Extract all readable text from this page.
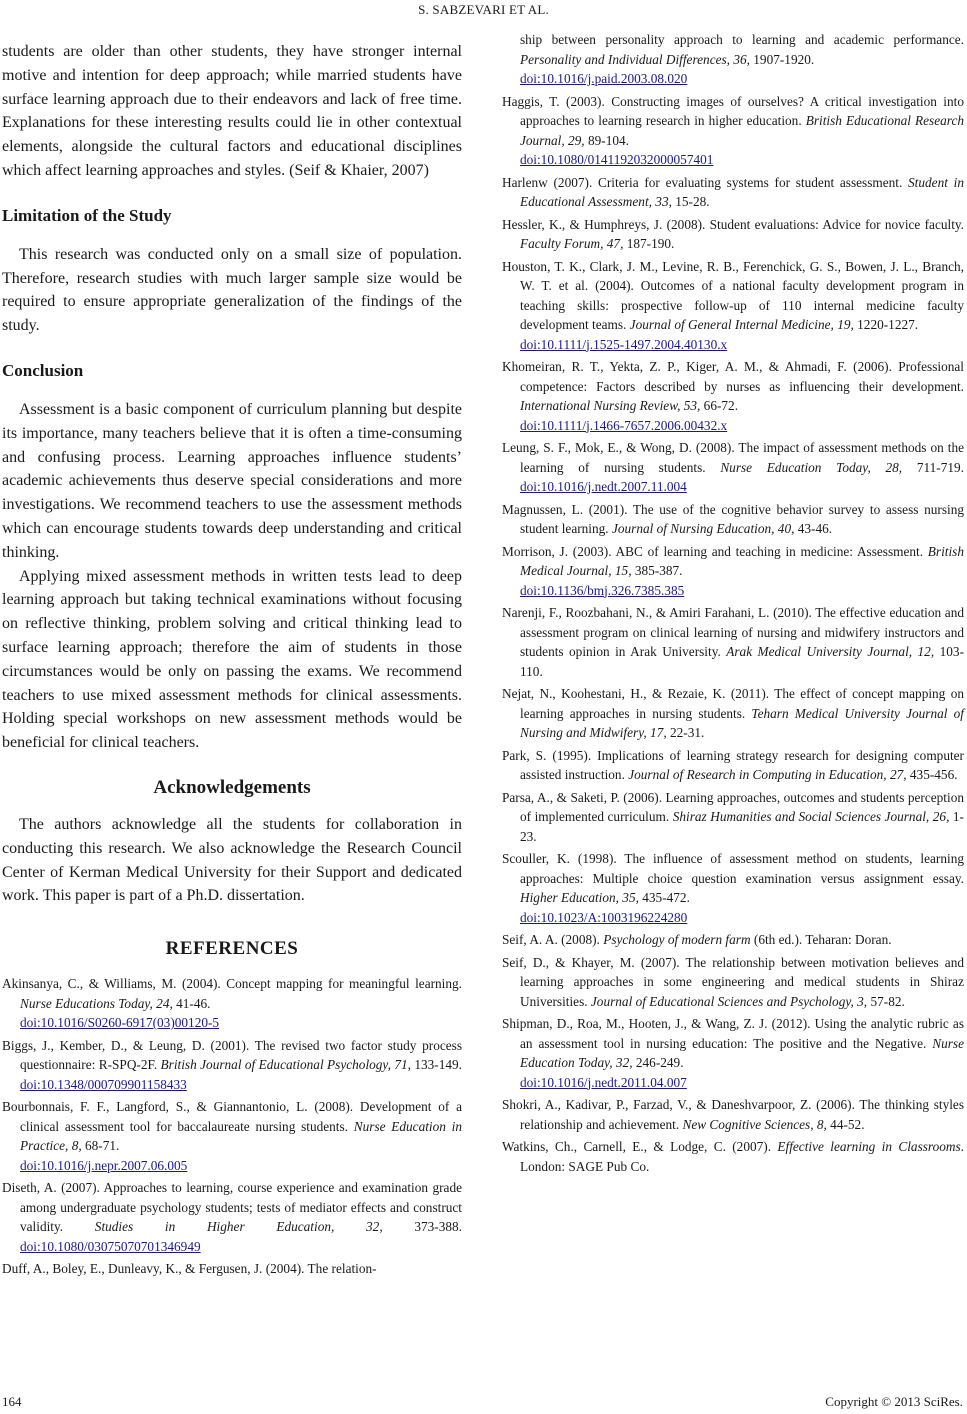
S. SABZEVARI ET AL.

students are older than other students, they have stronger internal motive and intention for deep approach; while married students have surface learning approach due to their endeavors and lack of free time. Explanations for these interesting results could lie in other contextual elements, alongside the cultural factors and educational disciplines which affect learning approaches and styles. (Seif & Khaier, 2007)

Limitation of the Study

This research was conducted only on a small size of population. Therefore, research studies with much larger sample size would be required to ensure appropriate generalization of the findings of the study.

Conclusion

Assessment is a basic component of curriculum planning but despite its importance, many teachers believe that it is often a time-consuming and confusing process. Learning approaches influence students’ academic achievements thus deserve special considerations and more investigations. We recommend teachers to use the assessment methods which can encourage students towards deep understanding and critical thinking.

Applying mixed assessment methods in written tests lead to deep learning approach but taking technical examinations without focusing on reflective thinking, problem solving and critical thinking lead to surface learning approach; therefore the aim of students in those circumstances would be only on passing the exams. We recommend teachers to use mixed assessment methods for clinical assessments. Holding special workshops on new assessment methods would be beneficial for clinical teachers.

Acknowledgements

The authors acknowledge all the students for collaboration in conducting this research. We also acknowledge the Research Council Center of Kerman Medical University for their Support and dedicated work. This paper is part of a Ph.D. dissertation.

REFERENCES
Akinsanya, C., & Williams, M. (2004). Concept mapping for meaningful learning. Nurse Educations Today, 24, 41-46.
doi:10.1016/S0260-6917(03)00120-5
Biggs, J., Kember, D., & Leung, D. (2001). The revised two factor study process questionnaire: R-SPQ-2F. British Journal of Educational Psychology, 71, 133-149. doi:10.1348/000709901158433
Bourbonnais, F. F., Langford, S., & Giannantonio, L. (2008). Development of a clinical assessment tool for baccalaureate nursing students. Nurse Education in Practice, 8, 68-71.
doi:10.1016/j.nepr.2007.06.005
Diseth, A. (2007). Approaches to learning, course experience and examination grade among undergraduate psychology students; tests of mediator effects and construct validity. Studies in Higher Education, 32, 373-388. doi:10.1080/03075070701346949
Duff, A., Boley, E., Dunleavy, K., & Fergusen, J. (2004). The relation-
ship between personality approach to learning and academic performance. Personality and Individual Differences, 36, 1907-1920.
doi:10.1016/j.paid.2003.08.020
Haggis, T. (2003). Constructing images of ourselves? A critical investigation into approaches to learning research in higher education. British Educational Research Journal, 29, 89-104.
doi:10.1080/0141192032000057401
Harlenw (2007). Criteria for evaluating systems for student assessment. Student in Educational Assessment, 33, 15-28.
Hessler, K., & Humphreys, J. (2008). Student evaluations: Advice for novice faculty. Faculty Forum, 47, 187-190.
Houston, T. K., Clark, J. M., Levine, R. B., Ferenchick, G. S., Bowen, J. L., Branch, W. T. et al. (2004). Outcomes of a national faculty development program in teaching skills: prospective follow-up of 110 internal medicine faculty development teams. Journal of General Internal Medicine, 19, 1220-1227.
doi:10.1111/j.1525-1497.2004.40130.x
Khomeiran, R. T., Yekta, Z. P., Kiger, A. M., & Ahmadi, F. (2006). Professional competence: Factors described by nurses as influencing their development. International Nursing Review, 53, 66-72.
doi:10.1111/j.1466-7657.2006.00432.x
Leung, S. F., Mok, E., & Wong, D. (2008). The impact of assessment methods on the learning of nursing students. Nurse Education Today, 28, 711-719. doi:10.1016/j.nedt.2007.11.004
Magnussen, L. (2001). The use of the cognitive behavior survey to assess nursing student learning. Journal of Nursing Education, 40, 43-46.
Morrison, J. (2003). ABC of learning and teaching in medicine: Assessment. British Medical Journal, 15, 385-387.
doi:10.1136/bmj.326.7385.385
Narenji, F., Roozbahani, N., & Amiri Farahani, L. (2010). The effective education and assessment program on clinical learning of nursing and midwifery instructors and students opinion in Arak University. Arak Medical University Journal, 12, 103-110.
Nejat, N., Koohestani, H., & Rezaie, K. (2011). The effect of concept mapping on learning approaches in nursing students. Teharn Medical University Journal of Nursing and Midwifery, 17, 22-31.
Park, S. (1995). Implications of learning strategy research for designing computer assisted instruction. Journal of Research in Computing in Education, 27, 435-456.
Parsa, A., & Saketi, P. (2006). Learning approaches, outcomes and students perception of implemented curriculum. Shiraz Humanities and Social Sciences Journal, 26, 1-23.
Scouller, K. (1998). The influence of assessment method on students, learning approaches: Multiple choice question examination versus assignment essay. Higher Education, 35, 435-472.
doi:10.1023/A:1003196224280
Seif, A. A. (2008). Psychology of modern farm (6th ed.). Teharan: Doran.
Seif, D., & Khayer, M. (2007). The relationship between motivation believes and learning approaches in some engineering and medical students in Shiraz Universities. Journal of Educational Sciences and Psychology, 3, 57-82.
Shipman, D., Roa, M., Hooten, J., & Wang, Z. J. (2012). Using the analytic rubric as an assessment tool in nursing education: The positive and the Negative. Nurse Education Today, 32, 246-249.
doi:10.1016/j.nedt.2011.04.007
Shokri, A., Kadivar, P., Farzad, V., & Daneshvarpoor, Z. (2006). The thinking styles relationship and achievement. New Cognitive Sciences, 8, 44-52.
Watkins, Ch., Carnell, E., & Lodge, C. (2007). Effective learning in Classrooms. London: SAGE Pub Co.
164	Copyright © 2013 SciRes.
